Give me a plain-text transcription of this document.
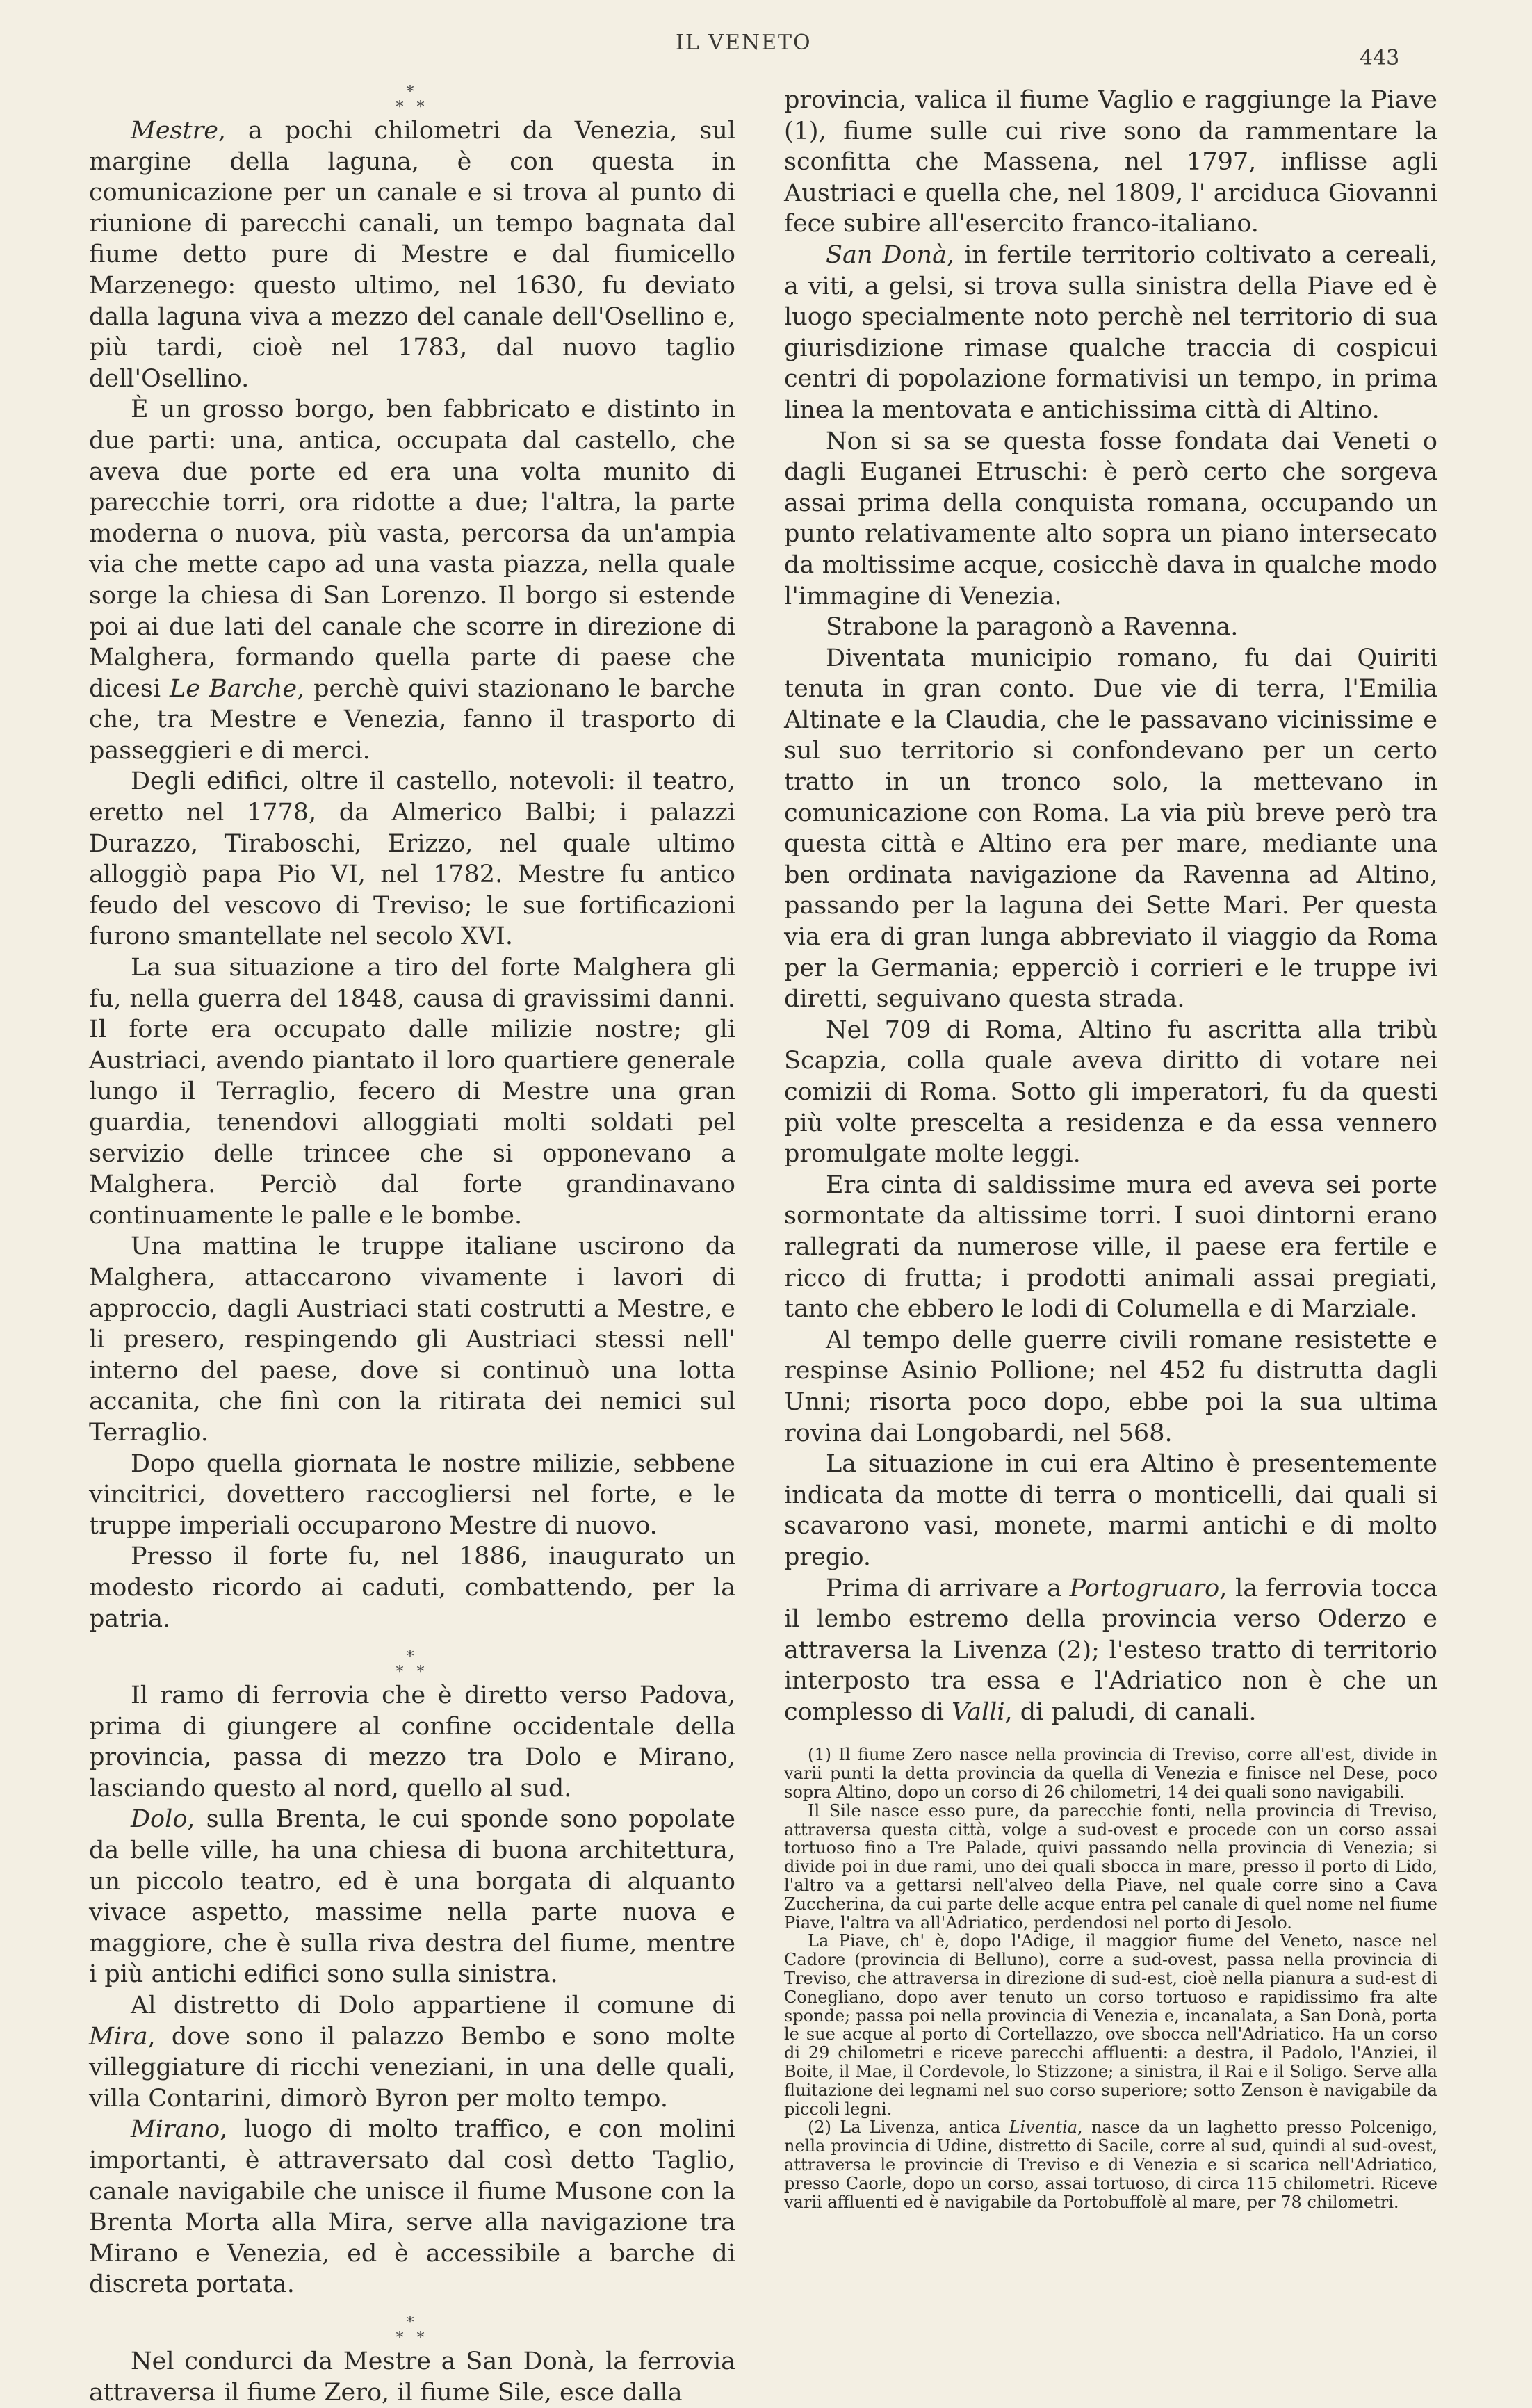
IL VENETO
443
*
* *

Mestre, a pochi chilometri da Venezia, sul margine della laguna, è con questa in comunicazione per un canale e si trova al punto di riunione di parecchi canali, un tempo bagnata dal fiume detto pure di Mestre e dal fiumicello Marzenego: questo ultimo, nel 1630, fu deviato dalla laguna viva a mezzo del canale dell'Osellino e, più tardi, cioè nel 1783, dal nuovo taglio dell'Osellino.

È un grosso borgo, ben fabbricato e distinto in due parti: una, antica, occupata dal castello, che aveva due porte ed era una volta munito di parecchie torri, ora ridotte a due; l'altra, la parte moderna o nuova, più vasta, percorsa da un'ampia via che mette capo ad una vasta piazza, nella quale sorge la chiesa di San Lorenzo. Il borgo si estende poi ai due lati del canale che scorre in direzione di Malghera, formando quella parte di paese che dicesi Le Barche, perchè quivi stazionano le barche che, tra Mestre e Venezia, fanno il trasporto di passeggieri e di merci.

Degli edifici, oltre il castello, notevoli: il teatro, eretto nel 1778, da Almerico Balbi; i palazzi Durazzo, Tiraboschi, Erizzo, nel quale ultimo alloggiò papa Pio VI, nel 1782. Mestre fu antico feudo del vescovo di Treviso; le sue fortificazioni furono smantellate nel secolo XVI.

La sua situazione a tiro del forte Malghera gli fu, nella guerra del 1848, causa di gravissimi danni. Il forte era occupato dalle milizie nostre; gli Austriaci, avendo piantato il loro quartiere generale lungo il Terraglio, fecero di Mestre una gran guardia, tenendovi alloggiati molti soldati pel servizio delle trincee che si opponevano a Malghera. Perciò dal forte grandinavano continuamente le palle e le bombe.

Una mattina le truppe italiane uscirono da Malghera, attaccarono vivamente i lavori di approccio, dagli Austriaci stati costrutti a Mestre, e li presero, respingendo gli Austriaci stessi nell' interno del paese, dove si continuò una lotta accanita, che finì con la ritirata dei nemici sul Terraglio.

Dopo quella giornata le nostre milizie, sebbene vincitrici, dovettero raccogliersi nel forte, e le truppe imperiali occuparono Mestre di nuovo.

Presso il forte fu, nel 1886, inaugurato un modesto ricordo ai caduti, combattendo, per la patria.

*
* *

Il ramo di ferrovia che è diretto verso Padova, prima di giungere al confine occidentale della provincia, passa di mezzo tra Dolo e Mirano, lasciando questo al nord, quello al sud.

Dolo, sulla Brenta, le cui sponde sono popolate da belle ville, ha una chiesa di buona architettura, un piccolo teatro, ed è una borgata di alquanto vivace aspetto, massime nella parte nuova e maggiore, che è sulla riva destra del fiume, mentre i più antichi edifici sono sulla sinistra.

Al distretto di Dolo appartiene il comune di Mira, dove sono il palazzo Bembo e sono molte villeggiature di ricchi veneziani, in una delle quali, villa Contarini, dimorò Byron per molto tempo.

Mirano, luogo di molto traffico, e con molini importanti, è attraversato dal così detto Taglio, canale navigabile che unisce il fiume Musone con la Brenta Morta alla Mira, serve alla navigazione tra Mirano e Venezia, ed è accessibile a barche di discreta portata.

*
* *

Nel condurci da Mestre a San Donà, la ferrovia attraversa il fiume Zero, il fiume Sile, esce dalla

provincia, valica il fiume Vaglio e raggiunge la Piave (1), fiume sulle cui rive sono da rammentare la sconfitta che Massena, nel 1797, inflisse agli Austriaci e quella che, nel 1809, l' arciduca Giovanni fece subire all'esercito franco-italiano.

San Donà, in fertile territorio coltivato a cereali, a viti, a gelsi, si trova sulla sinistra della Piave ed è luogo specialmente noto perchè nel territorio di sua giurisdizione rimase qualche traccia di cospicui centri di popolazione formativisi un tempo, in prima linea la mentovata e antichissima città di Altino.

Non si sa se questa fosse fondata dai Veneti o dagli Euganei Etruschi: è però certo che sorgeva assai prima della conquista romana, occupando un punto relativamente alto sopra un piano intersecato da moltissime acque, cosicchè dava in qualche modo l'immagine di Venezia.

Strabone la paragonò a Ravenna.

Diventata municipio romano, fu dai Quiriti tenuta in gran conto. Due vie di terra, l'Emilia Altinate e la Claudia, che le passavano vicinissime e sul suo territorio si confondevano per un certo tratto in un tronco solo, la mettevano in comunicazione con Roma. La via più breve però tra questa città e Altino era per mare, mediante una ben ordinata navigazione da Ravenna ad Altino, passando per la laguna dei Sette Mari. Per questa via era di gran lunga abbreviato il viaggio da Roma per la Germania; epperciò i corrieri e le truppe ivi diretti, seguivano questa strada.

Nel 709 di Roma, Altino fu ascritta alla tribù Scapzia, colla quale aveva diritto di votare nei comizii di Roma. Sotto gli imperatori, fu da questi più volte prescelta a residenza e da essa vennero promulgate molte leggi.

Era cinta di saldissime mura ed aveva sei porte sormontate da altissime torri. I suoi dintorni erano rallegrati da numerose ville, il paese era fertile e ricco di frutta; i prodotti animali assai pregiati, tanto che ebbero le lodi di Columella e di Marziale.

Al tempo delle guerre civili romane resistette e respinse Asinio Pollione; nel 452 fu distrutta dagli Unni; risorta poco dopo, ebbe poi la sua ultima rovina dai Longobardi, nel 568.

La situazione in cui era Altino è presentemente indicata da motte di terra o monticelli, dai quali si scavarono vasi, monete, marmi antichi e di molto pregio.

Prima di arrivare a Portogruaro, la ferrovia tocca il lembo estremo della provincia verso Oderzo e attraversa la Livenza (2); l'esteso tratto di territorio interposto tra essa e l'Adriatico non è che un complesso di Valli, di paludi, di canali.

(1) Il fiume Zero nasce nella provincia di Treviso, corre all'est, divide in varii punti la detta provincia da quella di Venezia e finisce nel Dese, poco sopra Altino, dopo un corso di 26 chilometri, 14 dei quali sono navigabili.

Il Sile nasce esso pure, da parecchie fonti, nella provincia di Treviso, attraversa questa città, volge a sud-ovest e procede con un corso assai tortuoso fino a Tre Palade, quivi passando nella provincia di Venezia; si divide poi in due rami, uno dei quali sbocca in mare, presso il porto di Lido, l'altro va a gettarsi nell'alveo della Piave, nel quale corre sino a Cava Zuccherina, da cui parte delle acque entra pel canale di quel nome nel fiume Piave, l'altra va all'Adriatico, perdendosi nel porto di Jesolo.

La Piave, ch' è, dopo l'Adige, il maggior fiume del Veneto, nasce nel Cadore (provincia di Belluno), corre a sud-ovest, passa nella provincia di Treviso, che attraversa in direzione di sud-est, cioè nella pianura a sud-est di Conegliano, dopo aver tenuto un corso tortuoso e rapidissimo fra alte sponde; passa poi nella provincia di Venezia e, incanalata, a San Donà, porta le sue acque al porto di Cortellazzo, ove sbocca nell'Adriatico. Ha un corso di 29 chilometri e riceve parecchi affluenti: a destra, il Padolo, l'Anziei, il Boite, il Mae, il Cordevole, lo Stizzone; a sinistra, il Rai e il Soligo. Serve alla fluitazione dei legnami nel suo corso superiore; sotto Zenson è navigabile da piccoli legni.

(2) La Livenza, antica Liventia, nasce da un laghetto presso Polcenigo, nella provincia di Udine, distretto di Sacile, corre al sud, quindi al sud-ovest, attraversa le provincie di Treviso e di Venezia e si scarica nell'Adriatico, presso Caorle, dopo un corso, assai tortuoso, di circa 115 chilometri. Riceve varii affluenti ed è navigabile da Portobuffolè al mare, per 78 chilometri.
